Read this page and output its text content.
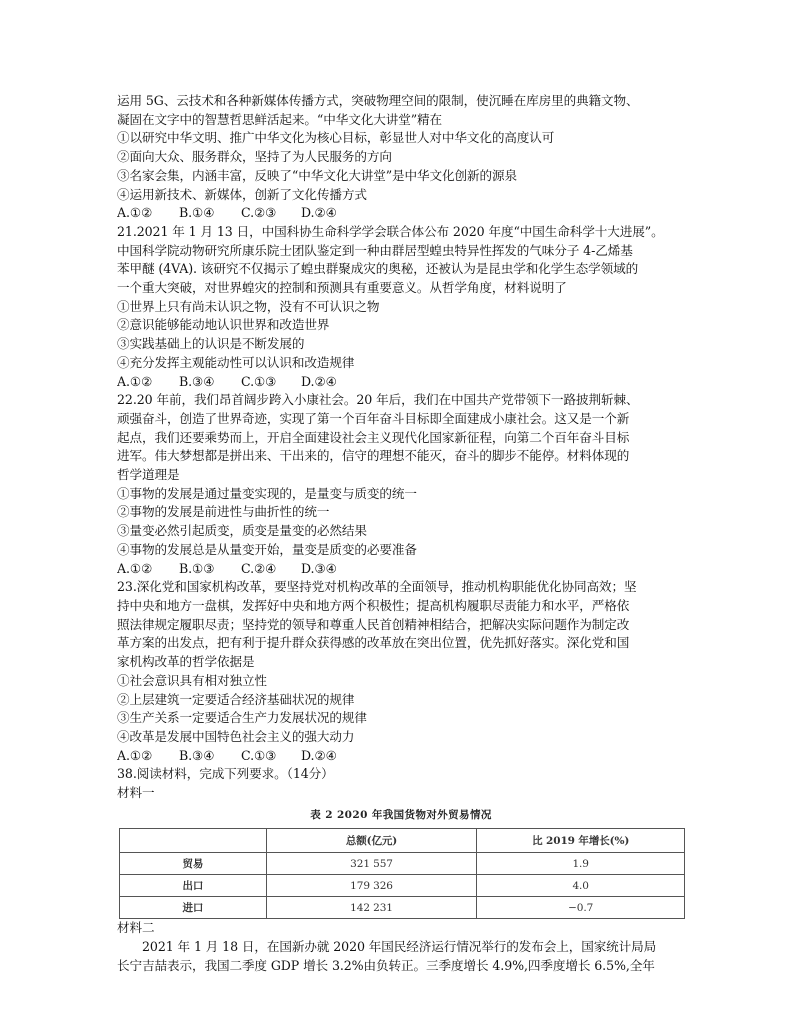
运用 5G、云技术和各种新媒体传播方式，突破物理空间的限制，使沉睡在库房里的典籍文物、
凝固在文字中的智慧哲思鲜活起来。“中华文化大讲堂”精在
①以研究中华文明、推广中华文化为核心目标，彰显世人对中华文化的高度认可
②面向大众、服务群众，坚持了为人民服务的方向
③名家会集，内涵丰富，反映了“中华文化大讲堂”是中华文化创新的源泉
④运用新技术、新媒体，创新了文化传播方式
A.①② B.①④ C.②③ D.②④
21.2021 年 1 月 13 日，中国科协生命科学学会联合体公布 2020 年度“中国生命科学十大进展”。
中国科学院动物研究所康乐院士团队鉴定到一种由群居型蝗虫特异性挥发的气味分子 4-乙烯基
苯甲醚 (4VA). 该研究不仅揭示了蝗虫群聚成灾的奥秘，还被认为是昆虫学和化学生态学领域的
一个重大突破，对世界蝗灾的控制和预测具有重要意义。从哲学角度，材料说明了
①世界上只有尚未认识之物，没有不可认识之物
②意识能够能动地认识世界和改造世界
③实践基础上的认识是不断发展的
④充分发挥主观能动性可以认识和改造规律
A.①② B.③④ C.①③ D.②④
22.20 年前，我们昂首阔步跨入小康社会。20 年后，我们在中国共产党带领下一路披荆斩棘、
顽强奋斗，创造了世界奇迹，实现了第一个百年奋斗目标即全面建成小康社会。这又是一个新
起点，我们还要乘势而上，开启全面建设社会主义现代化国家新征程，向第二个百年奋斗目标
进军。伟大梦想都是拼出来、干出来的，信守的理想不能灭，奋斗的脚步不能停。材料体现的
哲学道理是
①事物的发展是通过量变实现的，是量变与质变的统一
②事物的发展是前进性与曲折性的统一
③量变必然引起质变，质变是量变的必然结果
④事物的发展总是从量变开始，量变是质变的必要准备
A.①② B.①③ C.②④ D.③④
23.深化党和国家机构改革，要坚持党对机构改革的全面领导，推动机构职能优化协同高效；坚
持中央和地方一盘棋，发挥好中央和地方两个积极性；提高机构履职尽责能力和水平，严格依
照法律规定履职尽责；坚持党的领导和尊重人民首创精神相结合，把解决实际问题作为制定改
革方案的出发点，把有利于提升群众获得感的改革放在突出位置，优先抓好落实。深化党和国
家机构改革的哲学依据是
①社会意识具有相对独立性
②上层建筑一定要适合经济基础状况的规律
③生产关系一定要适合生产力发展状况的规律
④改革是发展中国特色社会主义的强大动力
A.①② B.③④ C.①③ D.②④
38.阅读材料，完成下列要求。（14分）
材料一
表 2 2020 年我国货物对外贸易情况
	总额(亿元)	比 2019 年增长(%)
贸易	321 557	1.9
出口	179 326	4.0
进口	142 231	−0.7
材料二
2021 年 1 月 18 日，在国新办就 2020 年国民经济运行情况举行的发布会上，国家统计局局
长宁吉喆表示，我国二季度 GDP 增长 3.2%由负转正。三季度增长 4.9%,四季度增长 6.5%,全年
